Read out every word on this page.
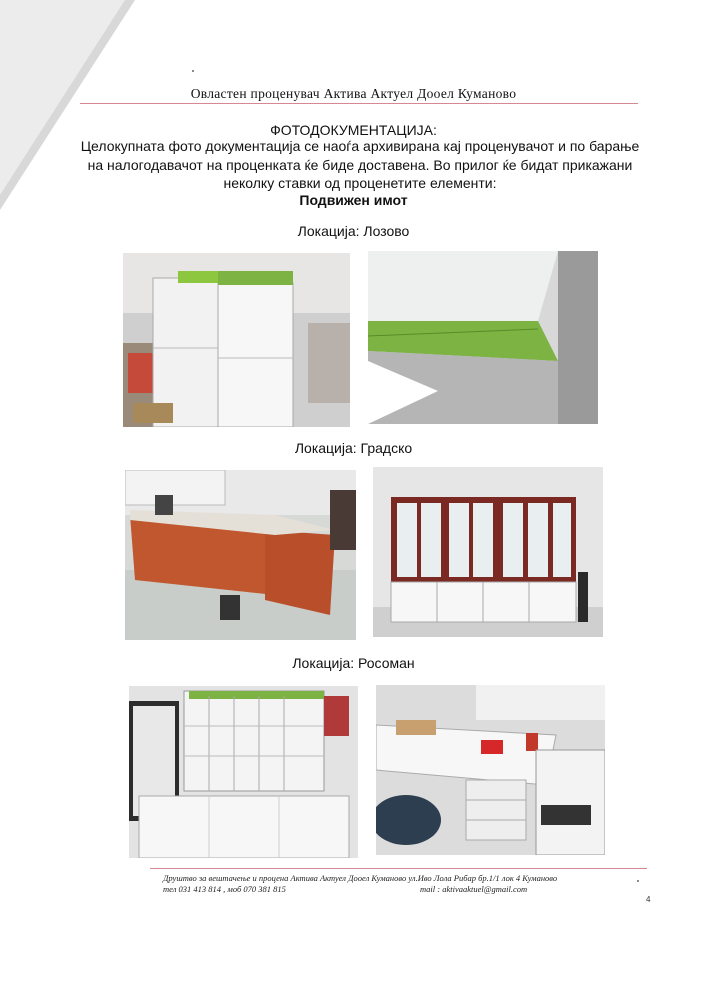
Овластен проценувач Актива Актуел Дооел Куманово
ФОТОДОКУМЕНТАЦИЈА:
Целокупната фото документација се наоѓа архивирана кај проценувачот и по барање
на налогодавачот на проценката ќе биде доставена. Во прилог ќе бидат прикажани
неколку ставки од проценетите елементи:
Подвижен имот
Локација: Лозово
Локација: Градско
Локација: Росоман
Друштво за вештачење и процена Актива Актуел Дооел Куманово ул.Иво Лола Рибар бр.1/1 лок 4 Куманово
тел 031 413 814 , моб 070 381 815	mail : aktivaaktuel@gmail.com
4
